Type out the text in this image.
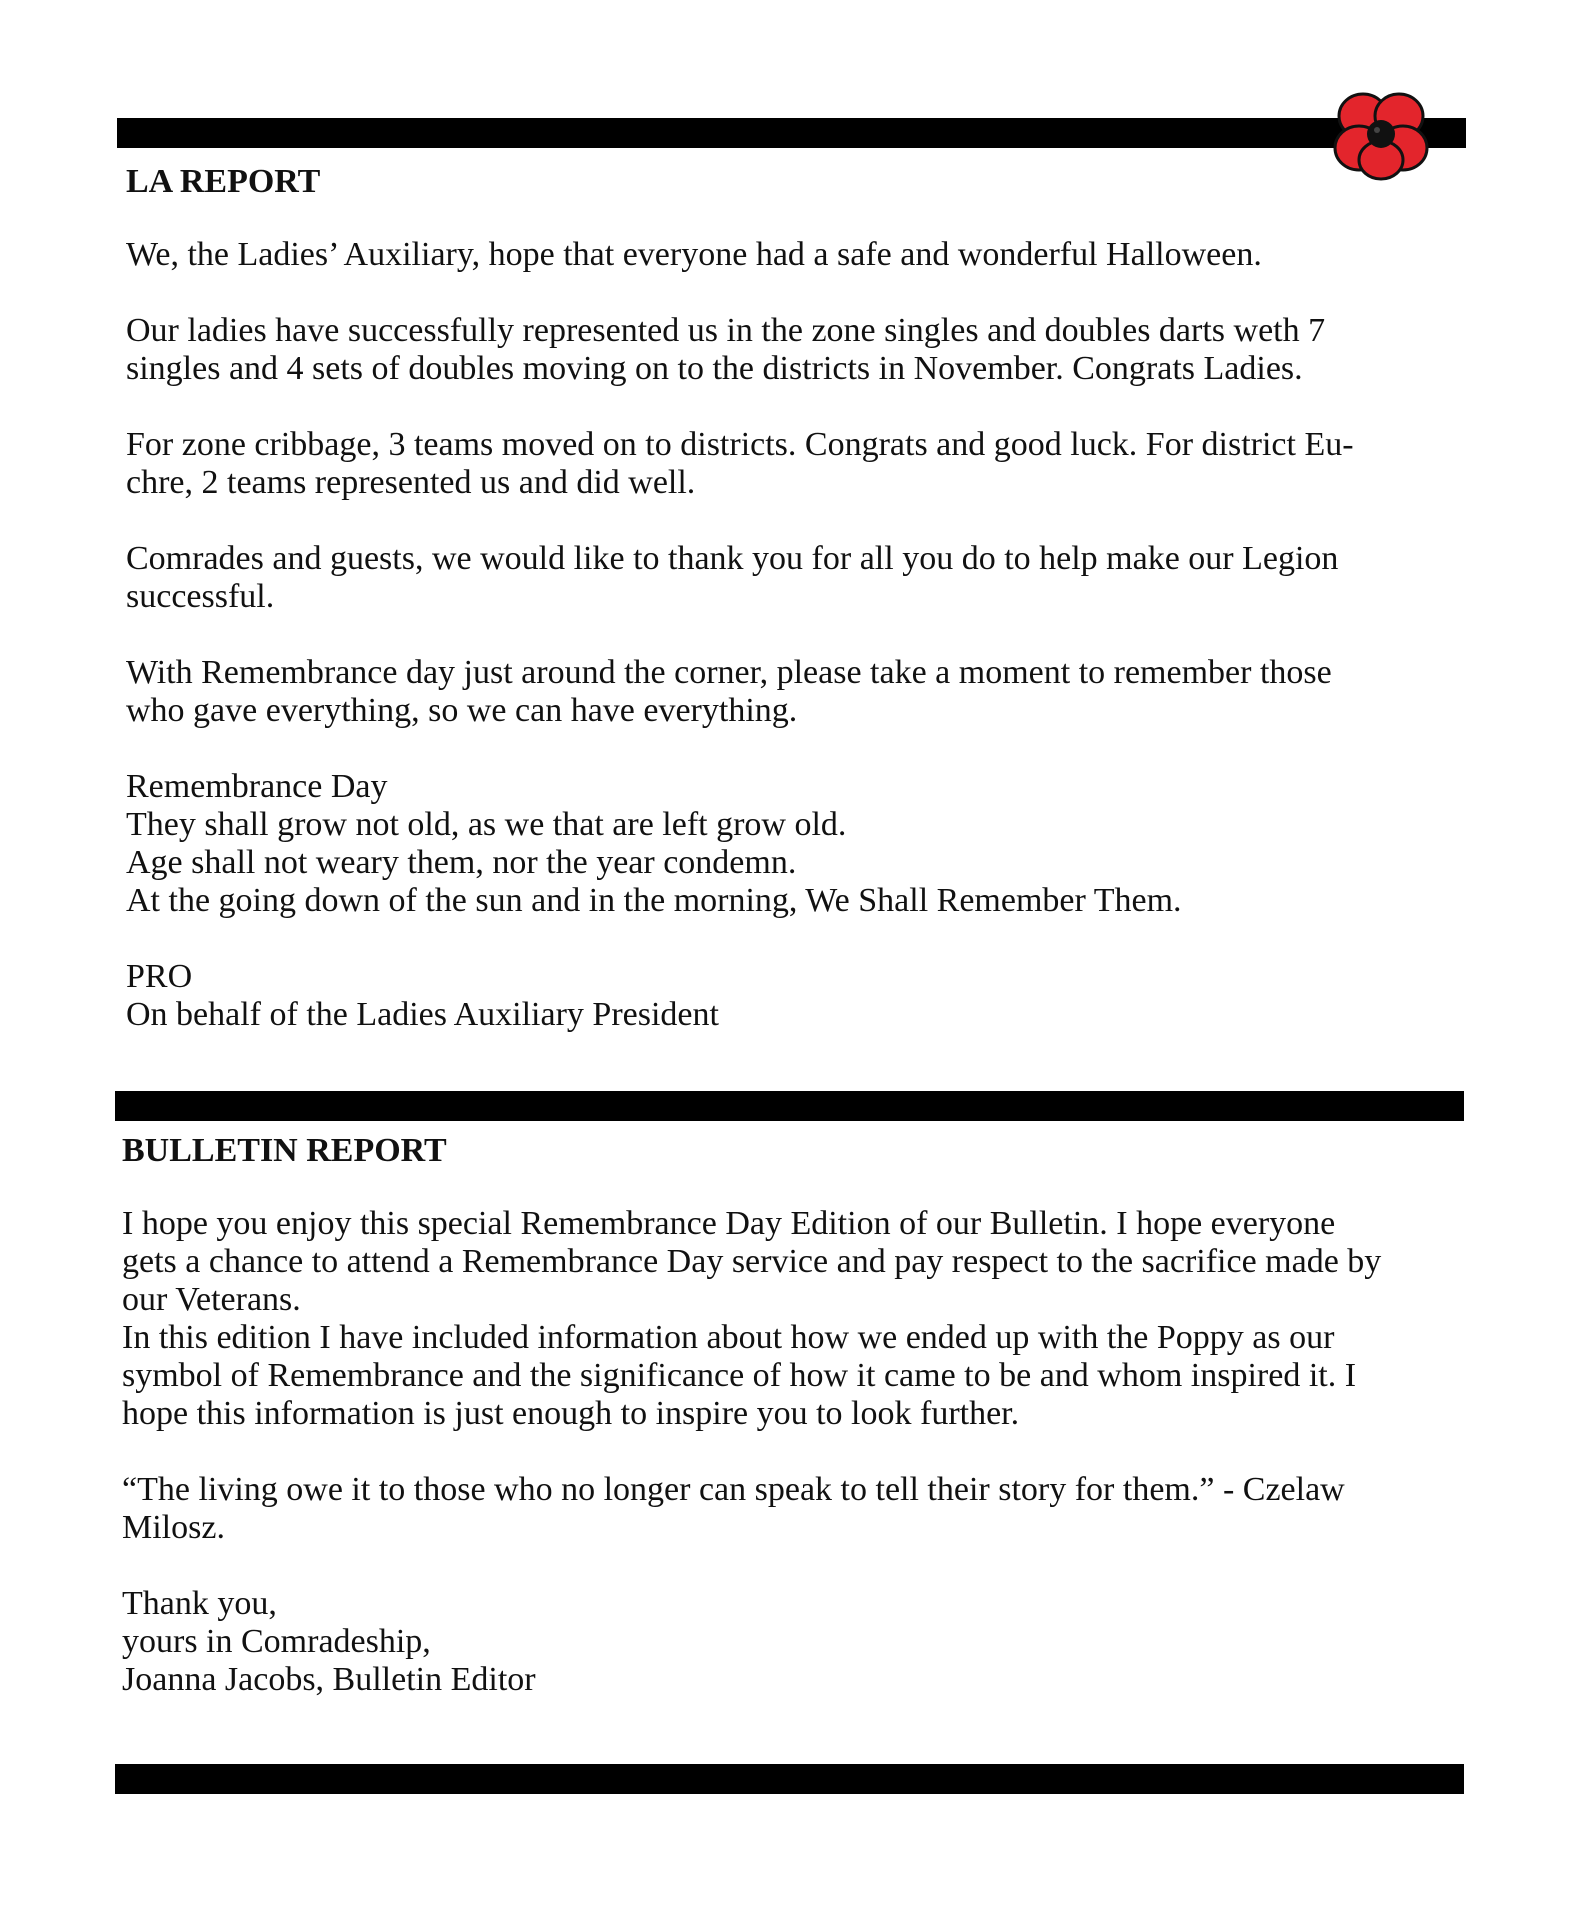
LA REPORT

We, the Ladies’ Auxiliary, hope that everyone had a safe and wonderful Halloween.

Our ladies have successfully represented us in the zone singles and doubles darts weth 7
singles and 4 sets of doubles moving on to the districts in November. Congrats Ladies.

For zone cribbage, 3 teams moved on to districts. Congrats and good luck. For district Eu-
chre, 2 teams represented us and did well.

Comrades and guests, we would like to thank you for all you do to help make our Legion
successful.

With Remembrance day just around the corner, please take a moment to remember those
who gave everything, so we can have everything.

Remembrance Day
They shall grow not old, as we that are left grow old.
Age shall not weary them, nor the year condemn.
At the going down of the sun and in the morning, We Shall Remember Them.

PRO
On behalf of the Ladies Auxiliary President

BULLETIN REPORT

I hope you enjoy this special Remembrance Day Edition of our Bulletin. I hope everyone
gets a chance to attend a Remembrance Day service and pay respect to the sacrifice made by
our Veterans.
In this edition I have included information about how we ended up with the Poppy as our
symbol of Remembrance and the significance of how it came to be and whom inspired it. I
hope this information is just enough to inspire you to look further.

“The living owe it to those who no longer can speak to tell their story for them.” - Czelaw
Milosz.

Thank you,
yours in Comradeship,
Joanna Jacobs, Bulletin Editor
